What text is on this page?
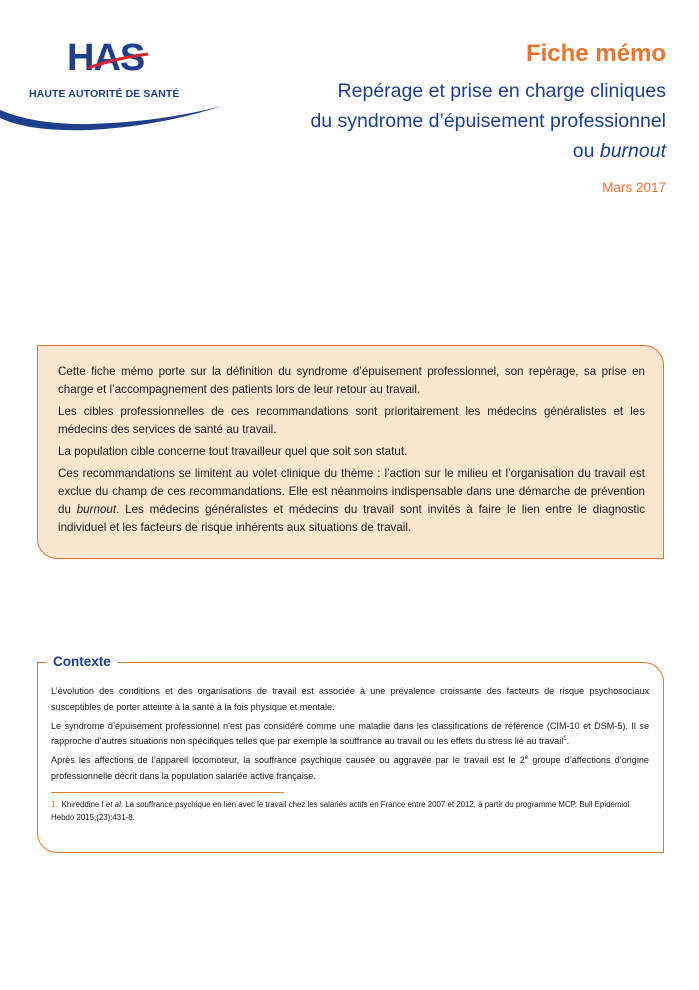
HAS
HAUTE AUTORITÉ DE SANTÉ
Fiche mémo
Repérage et prise en charge cliniques
du syndrome d’épuisement professionnel
ou burnout
Mars 2017

Cette fiche mémo porte sur la définition du syndrome d’épuisement professionnel, son repérage, sa prise en charge et l’accompagnement des patients lors de leur retour au travail.

Les cibles professionnelles de ces recommandations sont prioritairement les médecins généralistes et les médecins des services de santé au travail.

La population cible concerne tout travailleur quel que soit son statut.

Ces recommandations se limitent au volet clinique du thème : l’action sur le milieu et l’organisation du travail est exclue du champ de ces recommandations. Elle est néanmoins indispensable dans une démarche de prévention du burnout. Les médecins généralistes et médecins du travail sont invités à faire le lien entre le diagnostic individuel et les facteurs de risque inhérents aux situations de travail.

Contexte

L’évolution des conditions et des organisations de travail est associée à une prévalence croissante des facteurs de risque psychosociaux susceptibles de porter atteinte à la santé à la fois physique et mentale.

Le syndrome d’épuisement professionnel n’est pas considéré comme une maladie dans les classifications de référence (CIM-10 et DSM-5). Il se rapproche d’autres situations non spécifiques telles que par exemple la souffrance au travail ou les effets du stress lié au travail$^1$.

Après les affections de l’appareil locomoteur, la souffrance psychique causée ou aggravée par le travail est le 2e groupe d’affections d’origine professionnelle décrit dans la population salariée active française.

1. Khireddine I et al. La souffrance psychique en lien avec le travail chez les salariés actifs en France entre 2007 et 2012, à partir du programme MCP. Bull Epidémiol Hebdo 2015;(23):431-8.
